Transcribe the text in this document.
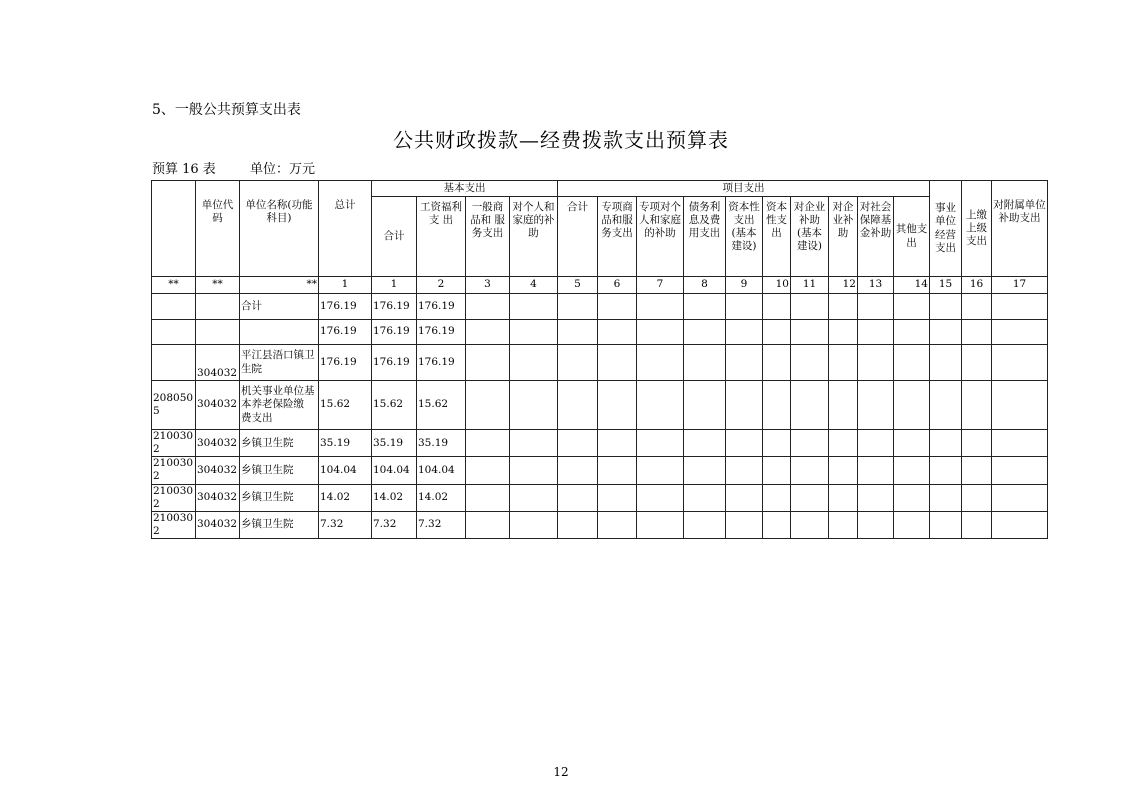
5、一般公共预算支出表
公共财政拨款—经费拨款支出预算表
预算 16 表	单位：万元
	单位代码	单位名称(功能科目)	总计	基本支出				项目支出										事业单位经营支出	上缴上级支出	对附属单位补助支出
				合计	工资福利支 出	一般商品和 服务支出	对个人和家庭的补助	合计	专项商品和服务支出	专项对个人和家庭的补助	债务利息及费用支出	资本性支出(基本建设)	资本性支出	对企业补助(基本建设)	对企业补助	对社会保障基金补助	其他支出			
**	**	**	1	1	2	3	4	5	6	7	8	9	10	11	12	13	14	15	16	17
		合计	176.19	176.19	176.19															
			176.19	176.19	176.19															
	304032	平江县浯口镇卫生院	176.19	176.19	176.19															
2080505	304032	机关事业单位基本养老保险缴 费支出	15.62	15.62	15.62															
2100302	304032	乡镇卫生院	35.19	35.19	35.19															
2100302	304032	乡镇卫生院	104.04	104.04	104.04															
2100302	304032	乡镇卫生院	14.02	14.02	14.02															
2100302	304032	乡镇卫生院	7.32	7.32	7.32															
12
